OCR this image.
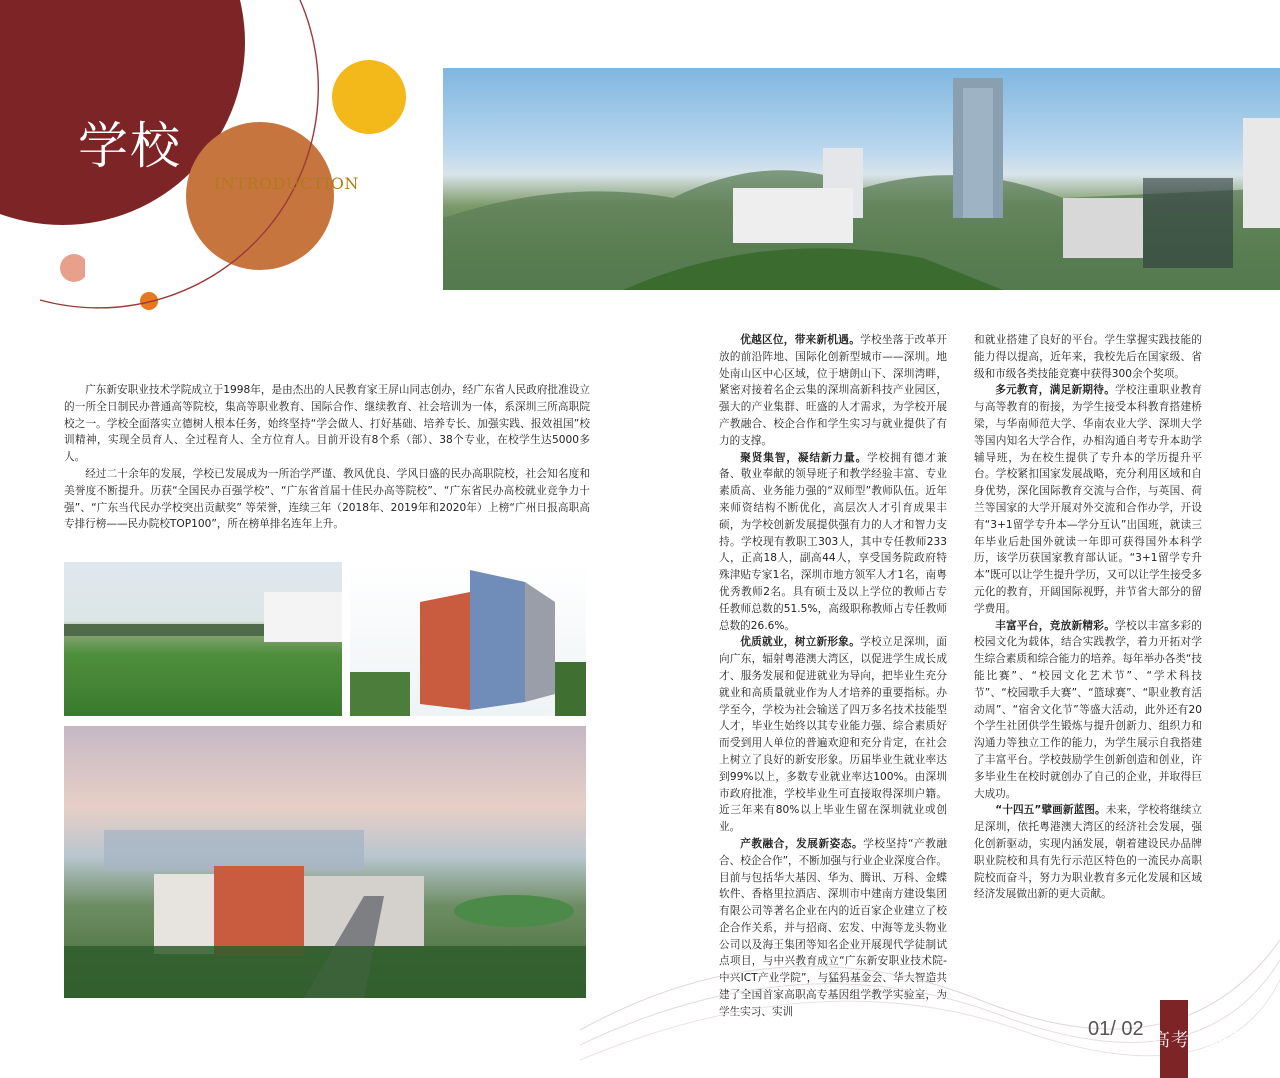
学校

简介

INTRODUCTION

广东新安职业技术学院成立于1998年，是由杰出的人民教育家王屏山同志创办，经广东省人民政府批准设立的一所全日制民办普通高等院校，集高等职业教育、国际合作、继续教育、社会培训为一体，系深圳三所高职院校之一。学校全面落实立德树人根本任务，始终坚持“学会做人、打好基础、培养专长、加强实践、报效祖国”校训精神，实现全员育人、全过程育人、全方位育人。目前开设有8个系（部）、38个专业，在校学生达5000多人。

经过二十余年的发展，学校已发展成为一所治学严谨、教风优良、学风日盛的民办高职院校，社会知名度和美誉度不断提升。历获“全国民办百强学校”、“广东省首届十佳民办高等院校”、“广东省民办高校就业竞争力十强”、“广东当代民办学校突出贡献奖” 等荣誉，连续三年（2018年、2019年和2020年）上榜“广州日报高职高专排行榜——民办院校TOP100”，所在榜单排名连年上升。

优越区位，带来新机遇。学校坐落于改革开放的前沿阵地、国际化创新型城市——深圳。地处南山区中心区域，位于塘朗山下、深圳湾畔，紧密对接着名企云集的深圳高新科技产业园区，强大的产业集群、旺盛的人才需求，为学校开展产教融合、校企合作和学生实习与就业提供了有力的支撑。

聚贤集智，凝结新力量。学校拥有德才兼备、敬业奉献的领导班子和教学经验丰富、专业素质高、业务能力强的“双师型”教师队伍。近年来师资结构不断优化，高层次人才引育成果丰硕，为学校创新发展提供强有力的人才和智力支持。学校现有教职工303人，其中专任教师233人，正高18人，副高44人，享受国务院政府特殊津贴专家1名，深圳市地方领军人才1名，南粤优秀教师2名。具有硕士及以上学位的教师占专任教师总数的51.5%，高级职称教师占专任教师总数的26.6%。

优质就业，树立新形象。学校立足深圳，面向广东，辐射粤港澳大湾区，以促进学生成长成才、服务发展和促进就业为导向，把毕业生充分就业和高质量就业作为人才培养的重要指标。办学至今，学校为社会输送了四万多名技术技能型人才，毕业生始终以其专业能力强、综合素质好而受到用人单位的普遍欢迎和充分肯定，在社会上树立了良好的新安形象。历届毕业生就业率达到99%以上，多数专业就业率达100%。由深圳市政府批准，学校毕业生可直接取得深圳户籍。近三年来有80%以上毕业生留在深圳就业或创业。

产教融合，发展新姿态。学校坚持“产教融合、校企合作”，不断加强与行业企业深度合作。目前与包括华大基因、华为、腾讯、万科、金蝶软件、香格里拉酒店、深圳市中建南方建设集团有限公司等著名企业在内的近百家企业建立了校企合作关系，并与招商、宏发、中海等龙头物业公司以及海王集团等知名企业开展现代学徒制试点项目，与中兴教育成立“广东新安职业技术院-中兴ICT产业学院”，与猛犸基金会、华大智造共建了全国首家高职高专基因组学教学实验室，为学生实习、实训

和就业搭建了良好的平台。学生掌握实践技能的能力得以提高，近年来，我校先后在国家级、省级和市级各类技能竞赛中获得300余个奖项。

多元教育，满足新期待。学校注重职业教育与高等教育的衔接，为学生接受本科教育搭建桥梁，与华南师范大学、华南农业大学、深圳大学等国内知名大学合作，办相沟通自考专升本助学辅导班，为在校生提供了专升本的学历提升平台。学校紧扣国家发展战略，充分利用区域和自身优势，深化国际教育交流与合作，与英国、荷兰等国家的大学开展对外交流和合作办学，开设有“3+1留学专升本—学分互认”出国班，就读三年毕业后赴国外就读一年即可获得国外本科学历，该学历获国家教育部认证。“3+1留学专升本”既可以让学生提升学历，又可以让学生接受多元化的教育，开阔国际视野，并节省大部分的留学费用。

丰富平台，竞放新精彩。学校以丰富多彩的校园文化为载体，结合实践教学，着力开拓对学生综合素质和综合能力的培养。每年举办各类“技能比赛”、“校园文化艺术节”、“学术科技节”、“校园歌手大赛”、“篮球赛”、“职业教育活动周”、“宿舍文化节”等盛大活动，此外还有20个学生社团供学生锻炼与提升创新力、组织力和沟通力等独立工作的能力，为学生展示自我搭建了丰富平台。学校鼓励学生创新创造和创业，许多毕业生在校时就创办了自己的企业，并取得巨大成功。

“十四五”擘画新蓝图。未来，学校将继续立足深圳，依托粤港澳大湾区的经济社会发展，强化创新驱动，实现内涵发展，朝着建设民办品牌职业院校和具有先行示范区特色的一流民办高职院校而奋斗，努力为职业教育多元化发展和区域经济发展做出新的更大贡献。

01/ 02
高考直通车
